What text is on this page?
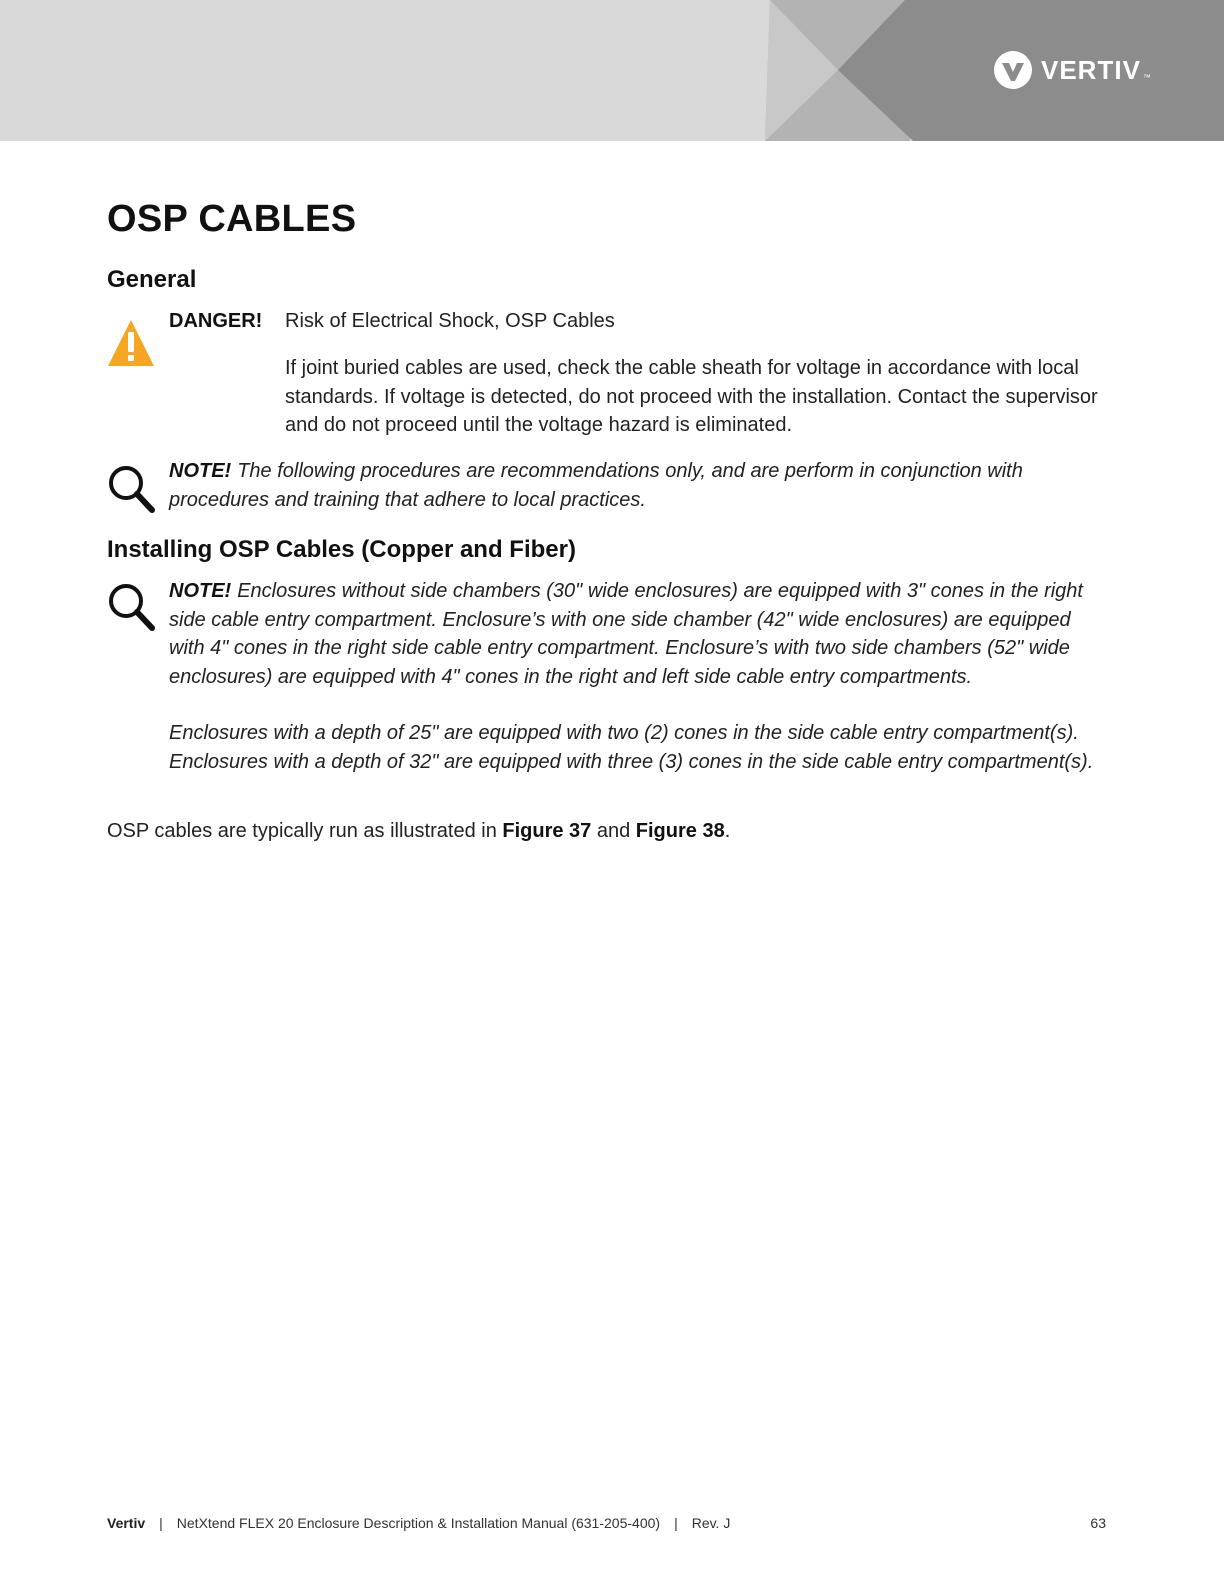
VERTIV ™
OSP CABLES
General
DANGER! Risk of Electrical Shock, OSP Cables

If joint buried cables are used, check the cable sheath for voltage in accordance with local standards. If voltage is detected, do not proceed with the installation. Contact the supervisor and do not proceed until the voltage hazard is eliminated.

NOTE! The following procedures are recommendations only, and are perform in conjunction with procedures and training that adhere to local practices.

Installing OSP Cables (Copper and Fiber)

NOTE! Enclosures without side chambers (30" wide enclosures) are equipped with 3" cones in the right side cable entry compartment. Enclosure’s with one side chamber (42" wide enclosures) are equipped with 4" cones in the right side cable entry compartment. Enclosure’s with two side chambers (52" wide enclosures) are equipped with 4" cones in the right and left side cable entry compartments.

Enclosures with a depth of 25" are equipped with two (2) cones in the side cable entry compartment(s). Enclosures with a depth of 32" are equipped with three (3) cones in the side cable entry compartment(s).

OSP cables are typically run as illustrated in Figure 37 and Figure 38.

Vertiv | NetXtend FLEX 20 Enclosure Description & Installation Manual (631-205-400) | Rev. J	63
